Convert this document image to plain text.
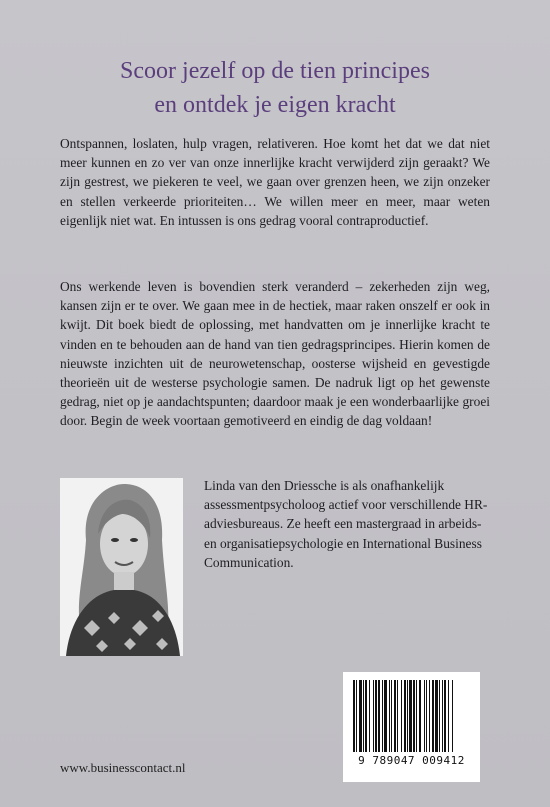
Scoor jezelf op de tien principes
en ontdek je eigen kracht

Ontspannen, loslaten, hulp vragen, relativeren. Hoe komt het dat we dat niet meer kunnen en zo ver van onze innerlijke kracht verwijderd zijn geraakt? We zijn gestrest, we piekeren te veel, we gaan over grenzen heen, we zijn onzeker en stellen verkeerde prioriteiten… We willen meer en meer, maar weten eigenlijk niet wat. En intussen is ons gedrag vooral contraproductief.

Ons werkende leven is bovendien sterk veranderd – zekerheden zijn weg, kansen zijn er te over. We gaan mee in de hectiek, maar raken onszelf er ook in kwijt. Dit boek biedt de oplossing, met handvatten om je innerlijke kracht te vinden en te behouden aan de hand van tien gedragsprincipes. Hierin komen de nieuwste inzichten uit de neurowetenschap, oosterse wijsheid en gevestigde theorieën uit de westerse psychologie samen. De nadruk ligt op het gewenste gedrag, niet op je aandachtspunten; daardoor maak je een wonderbaarlijke groei door. Begin de week voortaan gemotiveerd en eindig de dag voldaan!

Linda van den Driessche is als onafhankelijk assessmentpsycholoog actief voor verschillende HR-adviesbureaus. Ze heeft een mastergraad in arbeids- en organisatiepsychologie en International Business Communication.

9 789047 009412
www.businesscontact.nl
